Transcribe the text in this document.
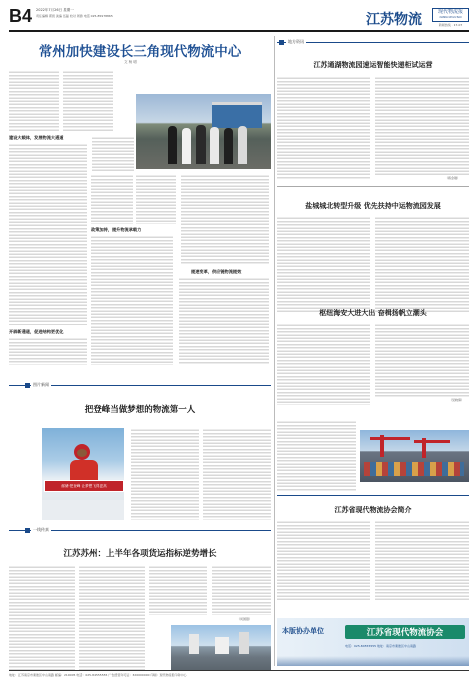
B4 2022年7月26日 星期一
责任编辑 郭毅 美编 伍磊 校对 周游 电话 025-85978865	江苏物流	现代物流报
XIANDAI WULIU BAO
新闻热线 · 17-07
常州加快建设长三角现代物流中心
文 杨 明
建设大载体，发展物流大通道
开辟新通道，促进结构更优化
政策加持，提升物流承载力
提速变革，供应链物流提效
地方资讯
江苏通湖物流园速运智能快递柜试运营
（蒋金刚）
盐城城北转型升级 优先扶持中运物流园发展
枢纽海安大进大出 奋楫扬帆立潮头
（吴晓倩）
图片新闻
把登峰当做梦想的物流第一人
邮储·把登峰 让梦想飞得更高
一线传真
江苏苏州：上半年各项货运指标逆势增长
（何国银）
江苏省现代物流协会简介
本版协办单位	江苏省现代物流协会
电话：025-84555555 地址：南京市秦淮区中山南路
地址：江苏南京市秦淮区中山南路 邮编：210005 电话：025-84555555 广告经营许可证：320000000 印刷：现代物流报印务中心
